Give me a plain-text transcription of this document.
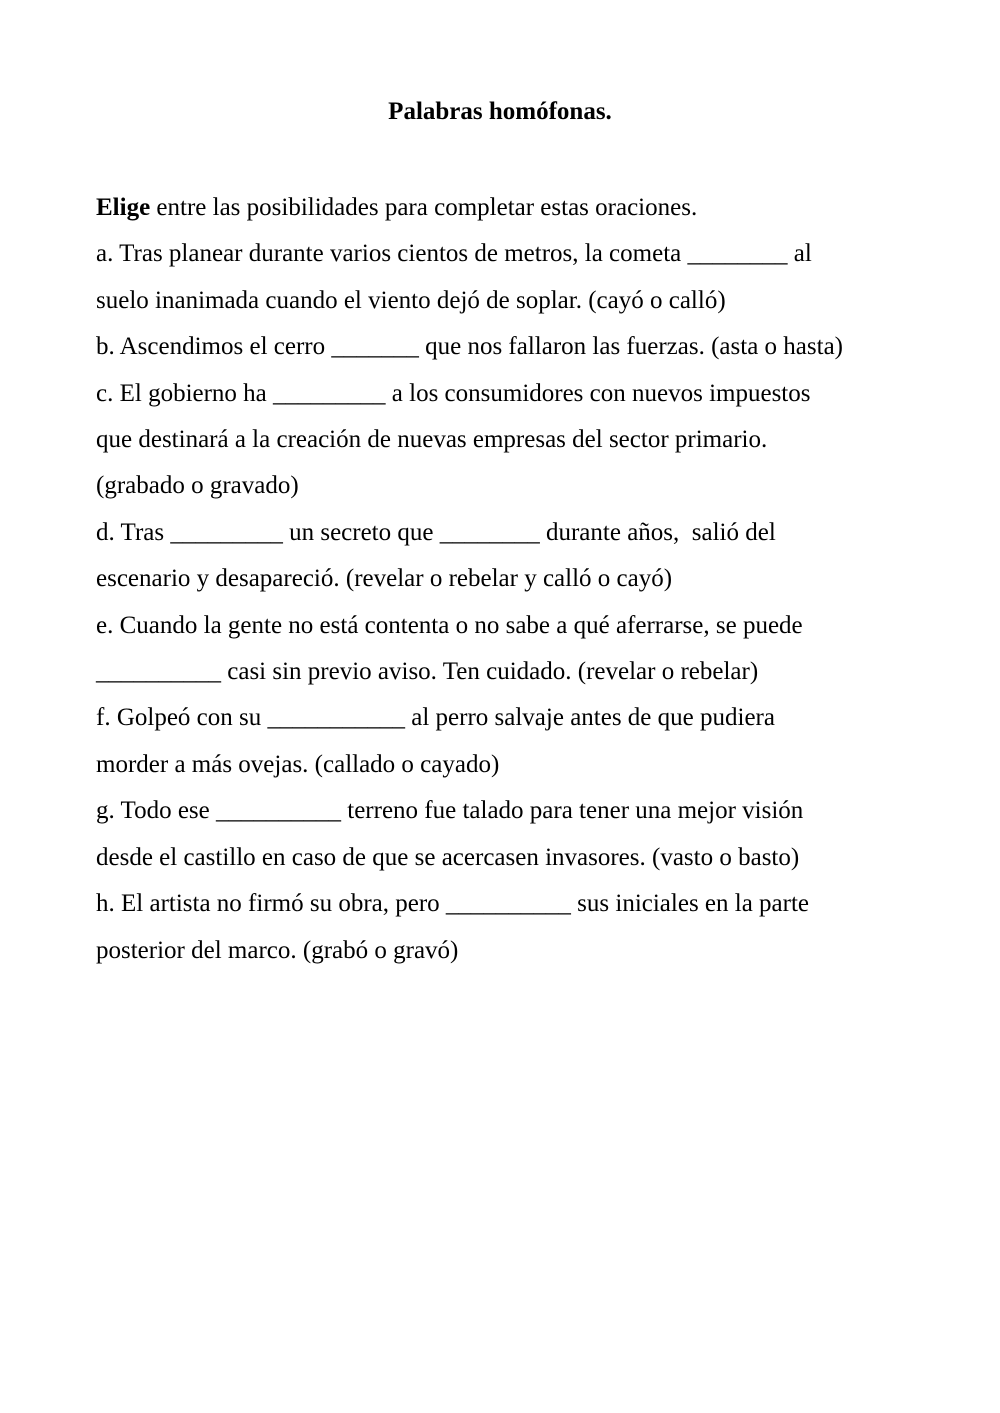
Palabras homófonas.
Elige entre las posibilidades para completar estas oraciones.
a. Tras planear durante varios cientos de metros, la cometa ________ al
suelo inanimada cuando el viento dejó de soplar. (cayó o calló)
b. Ascendimos el cerro _______ que nos fallaron las fuerzas. (asta o hasta)
c. El gobierno ha _________ a los consumidores con nuevos impuestos
que destinará a la creación de nuevas empresas del sector primario.
(grabado o gravado)
d. Tras _________ un secreto que ________ durante años,  salió del
escenario y desapareció. (revelar o rebelar y calló o cayó)
e. Cuando la gente no está contenta o no sabe a qué aferrarse, se puede
__________ casi sin previo aviso. Ten cuidado. (revelar o rebelar)
f. Golpeó con su ___________ al perro salvaje antes de que pudiera
morder a más ovejas. (callado o cayado)
g. Todo ese __________ terreno fue talado para tener una mejor visión
desde el castillo en caso de que se acercasen invasores. (vasto o basto)
h. El artista no firmó su obra, pero __________ sus iniciales en la parte
posterior del marco. (grabó o gravó)
